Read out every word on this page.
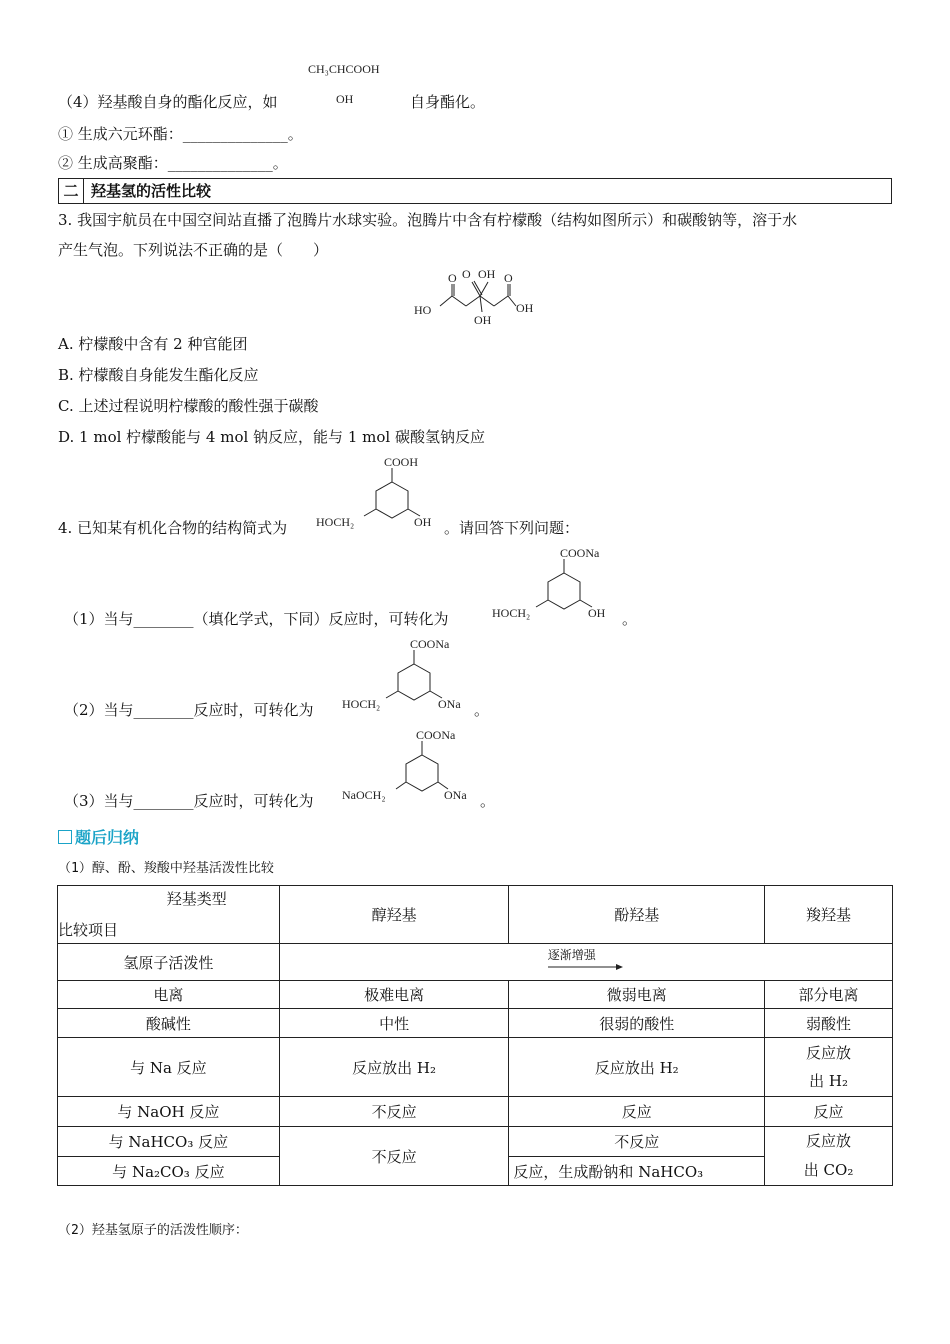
CH₃CHCOOH
（4）羟基酸自身的酯化反应，如	OH	自身酯化。
① 生成六元环酯：______________。
② 生成高聚酯：______________。
二 羟基氢的活性比较
3. 我国宇航员在中国空间站直播了泡腾片水球实验。泡腾片中含有柠檬酸（结构如图所示）和碳酸钠等，溶于水
产生气泡。下列说法不正确的是（　　）
O O OH O
HO	OH
OH
A. 柠檬酸中含有 2 种官能团
B. 柠檬酸自身能发生酯化反应
C. 上述过程说明柠檬酸的酸性强于碳酸
D. 1 mol 柠檬酸能与 4 mol 钠反应，能与 1 mol 碳酸氢钠反应
4. 已知某有机化合物的结构简式为
COOH
HOCH₂	OH 。请回答下列问题：
（1）当与________（填化学式，下同）反应时，可转化为
COONa
HOCH₂	OH 。
（2）当与________反应时，可转化为
COONa
HOCH₂	ONa 。
（3）当与________反应时，可转化为
COONa
NaOCH₂	ONa 。
题后归纳
（1）醇、酚、羧酸中羟基活泼性比较
羟基类型
比较项目	醇羟基	酚羟基	羧羟基
氢原子活泼性	逐渐增强		

电离	极难电离	微弱电离	部分电离
酸碱性	中性	很弱的酸性	弱酸性
与 Na 反应	反应放出 H₂	反应放出 H₂	反应放
出 H₂
与 NaOH 反应	不反应	反应	反应
与 NaHCO₃ 反应	不反应	不反应	反应放
出 CO₂
与 Na₂CO₃ 反应		反应，生成酚钠和 NaHCO₃	
（2）羟基氢原子的活泼性顺序：
